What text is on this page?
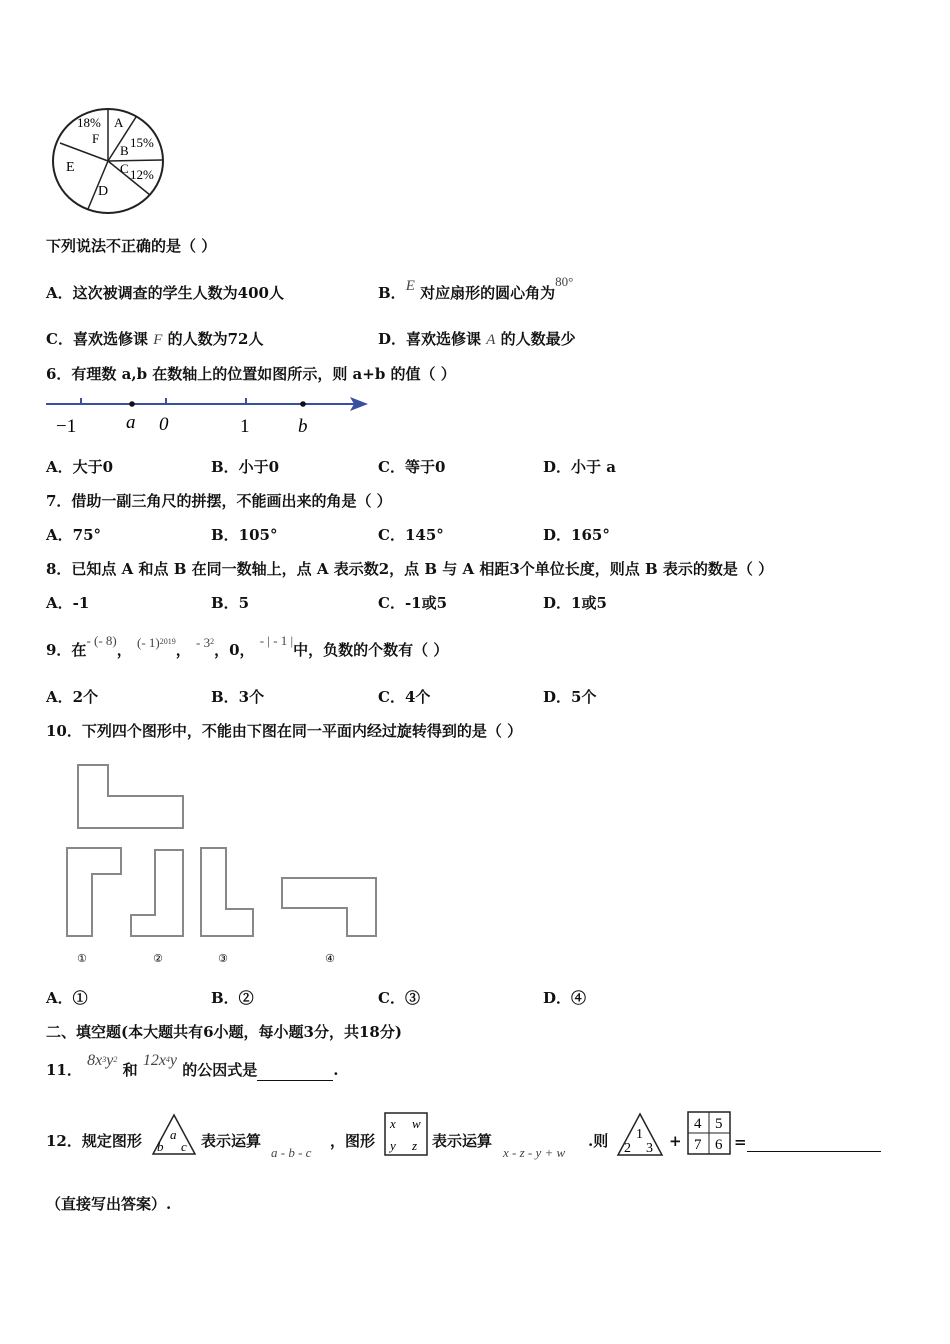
18%
F
A
15%
B
C 12%
E
D
下列说法不正确的是（ ）
A．这次被调查的学生人数为400人	B．E 对应扇形的圆心角为80°
C．喜欢选修课 F 的人数为72人	D．喜欢选修课 A 的人数最少
6．有理数 a,b 在数轴上的位置如图所示，则 a+b 的值（ ）
−1	a 0	1	b
A．大于0	B．小于0	C．等于0	D．小于 a
7．借助一副三角尺的拼摆，不能画出来的角是（ ）
A．75°	B．105°	C．145°	D．165°
8．已知点 A 和点 B 在同一数轴上，点 A 表示数2，点 B 与 A 相距3个单位长度，则点 B 表示的数是（ ）
A．-1	B．5	C．-1或5	D．1或5
9．在- (- 8)， (- 1)$^{2019}$， - $3^2$，0， - | - 1 |中，负数的个数有（ ）
A．2个	B．3个	C．4个	D．5个
10．下列四个图形中，不能由下图在同一平面内经过旋转得到的是（ ）
①	②	③	④
A．①	B．②	C．③	D．④
二、填空题(本大题共有6小题，每小题3分，共18分)
11． $8x^3y^2$ 和 $12x^4y$ 的公因式是	.
12．规定图形 a
b c 表示运算
a - b - c
，图形
x w
y z 表示运算
x - z - y + w
.则 1
2 3 +
4 5
7 6 =
（直接写出答案）.
